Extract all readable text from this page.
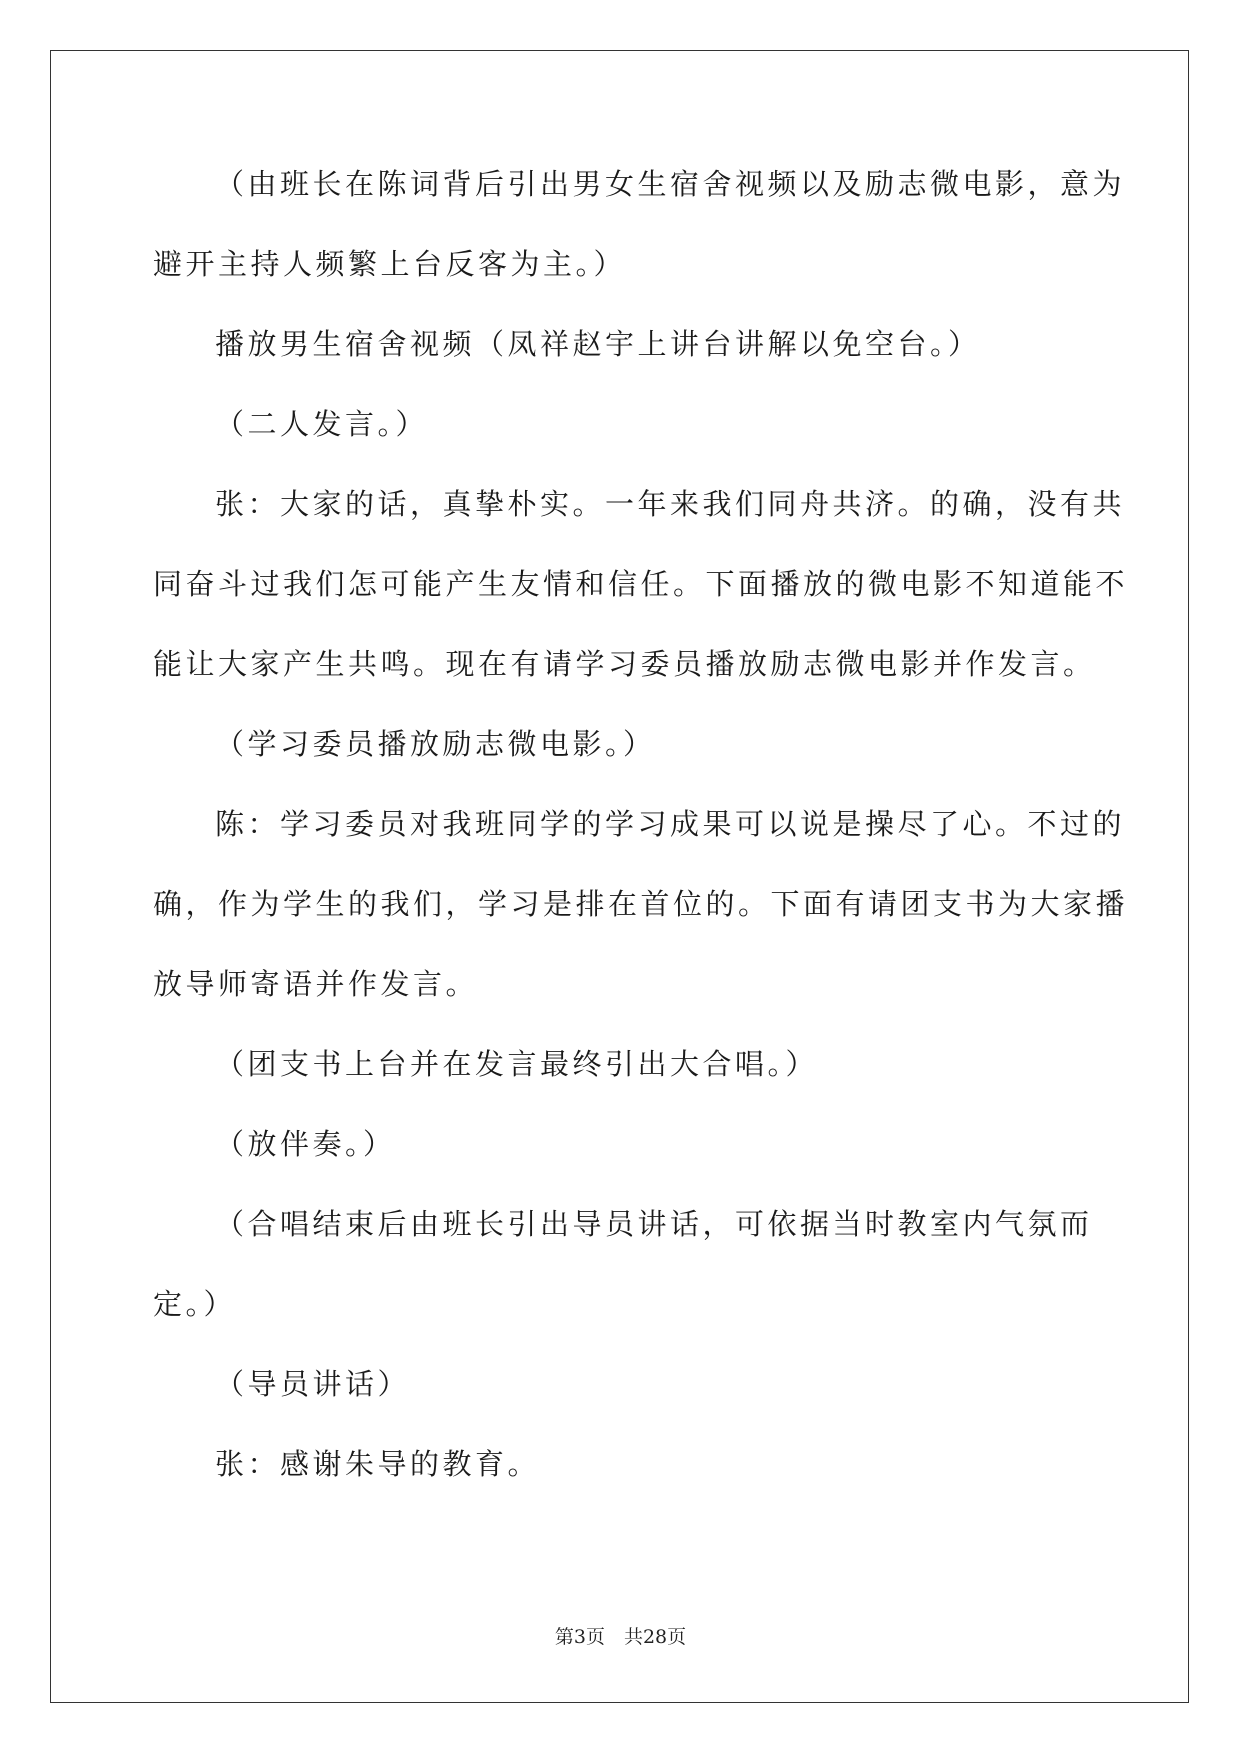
（由班长在陈词背后引出男女生宿舍视频以及励志微电影，意为
避开主持人频繁上台反客为主。）
播放男生宿舍视频（凤祥赵宇上讲台讲解以免空台。）
（二人发言。）
张：大家的话，真挚朴实。一年来我们同舟共济。的确，没有共
同奋斗过我们怎可能产生友情和信任。下面播放的微电影不知道能不
能让大家产生共鸣。现在有请学习委员播放励志微电影并作发言。
（学习委员播放励志微电影。）
陈：学习委员对我班同学的学习成果可以说是操尽了心。不过的
确，作为学生的我们，学习是排在首位的。下面有请团支书为大家播
放导师寄语并作发言。
（团支书上台并在发言最终引出大合唱。）
（放伴奏。）
（合唱结束后由班长引出导员讲话，可依据当时教室内气氛而
定。）
（导员讲话）
张：感谢朱导的教育。
第3页　共28页
